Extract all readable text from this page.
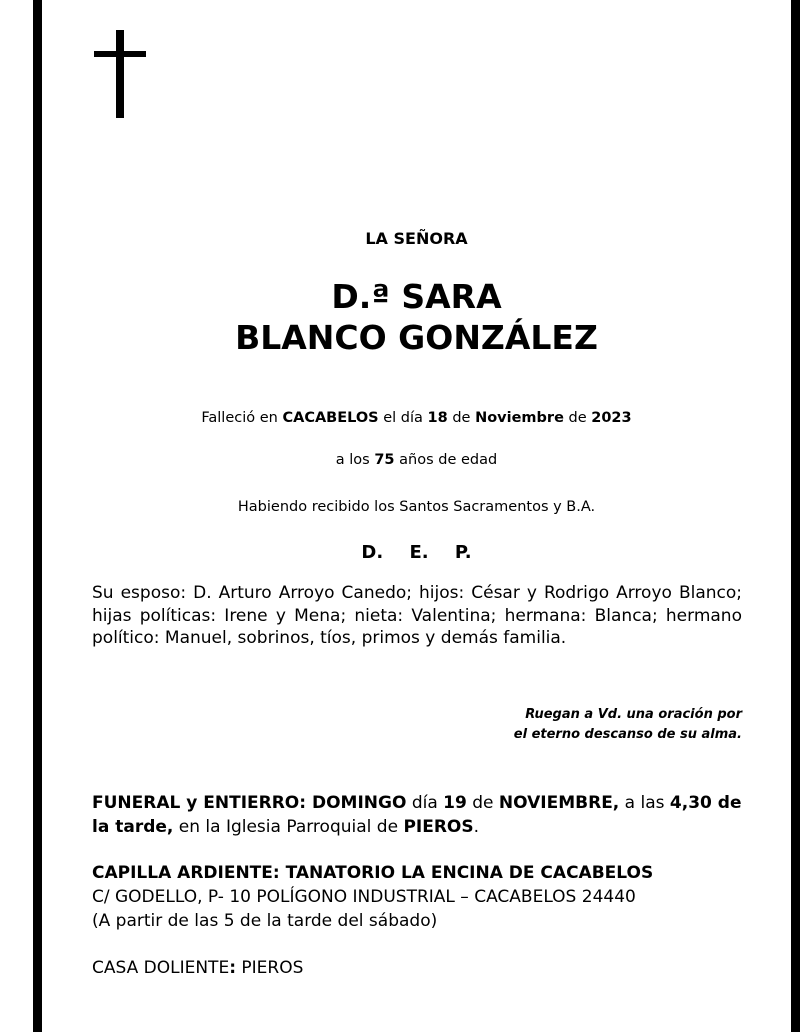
LA SEÑORA
D.ª SARA
BLANCO GONZÁLEZ
Falleció en CACABELOS el día 18 de Noviembre de 2023
a los 75 años de edad
Habiendo recibido los Santos Sacramentos y B.A.
D. E. P.
Su esposo: D. Arturo Arroyo Canedo; hijos: César y Rodrigo Arroyo Blanco; hijas políticas: Irene y Mena; nieta: Valentina; hermana: Blanca; hermano político: Manuel, sobrinos, tíos, primos y demás familia.
Ruegan a Vd. una oración por
el eterno descanso de su alma.
FUNERAL y ENTIERRO: DOMINGO día 19 de NOVIEMBRE, a las 4,30 de la tarde, en la Iglesia Parroquial de PIEROS.
CAPILLA ARDIENTE: TANATORIO LA ENCINA DE CACABELOS
C/ GODELLO, P- 10 POLÍGONO INDUSTRIAL – CACABELOS 24440
(A partir de las 5 de la tarde del sábado)
CASA DOLIENTE: PIEROS
